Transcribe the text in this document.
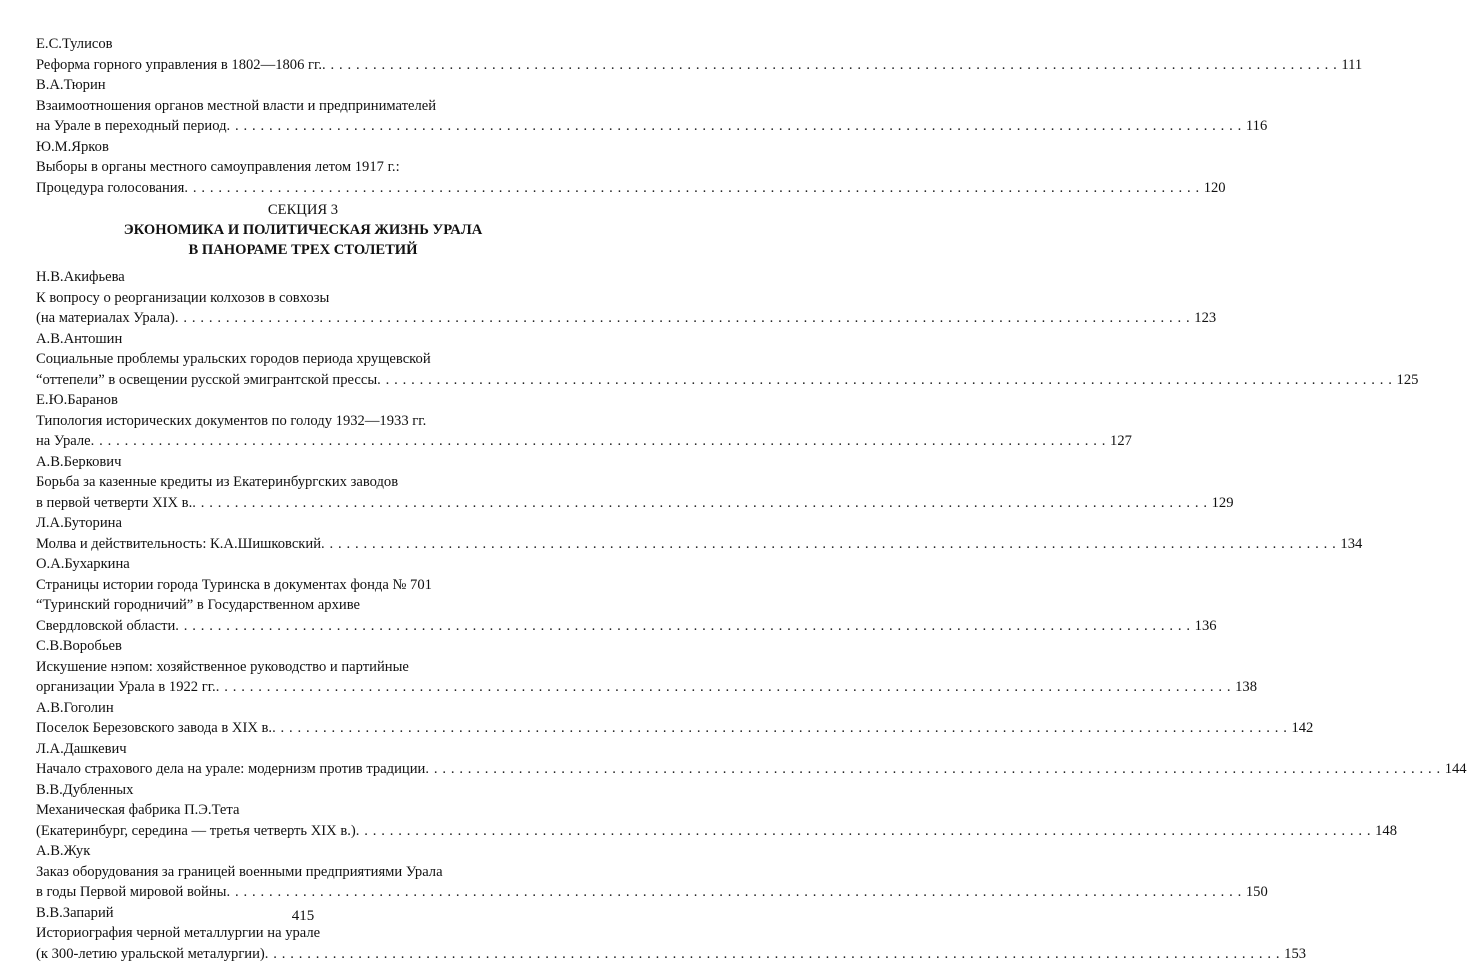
Е.С.Тулисов
Реформа горного управления в 1802—1806 гг. . . . . . . . . . . . . . . . . . . . . . . . . . . . . . . . . . . . . . . . . . . . . . . . . . . . . . . . . . . . . . . . . . . . . . . . . . . . . . . . . . . . . . . . . . . . . . . . . . . . . . . . . . . . . . . . . . . . . . . . . 111
В.А.Тюрин
Взаимоотношения органов местной власти и предпринимателей
на Урале в переходный период . . . . . . . . . . . . . . . . . . . . . . . . . . . . . . . . . . . . . . . . . . . . . . . . . . . . . . . . . . . . . . . . . . . . . . . . . . . . . . . . . . . . . . . . . . . . . . . . . . . . . . . . . . . . . . . . . . . . . . . . 116
Ю.М.Ярков
Выборы в органы местного самоуправления летом 1917 г.:
Процедура голосования . . . . . . . . . . . . . . . . . . . . . . . . . . . . . . . . . . . . . . . . . . . . . . . . . . . . . . . . . . . . . . . . . . . . . . . . . . . . . . . . . . . . . . . . . . . . . . . . . . . . . . . . . . . . . . . . . . . . . . . . 120
СЕКЦИЯ 3
ЭКОНОМИКА И ПОЛИТИЧЕСКАЯ ЖИЗНЬ УРАЛА
В ПАНОРАМЕ ТРЕХ СТОЛЕТИЙ
Н.В.Акифьева
К вопросу о реорганизации колхозов в совхозы
(на материалах Урала) . . . . . . . . . . . . . . . . . . . . . . . . . . . . . . . . . . . . . . . . . . . . . . . . . . . . . . . . . . . . . . . . . . . . . . . . . . . . . . . . . . . . . . . . . . . . . . . . . . . . . . . . . . . . . . . . . . . . . . . . 123
А.В.Антошин
Социальные проблемы уральских городов периода хрущевской
“оттепели” в освещении русской эмигрантской прессы . . . . . . . . . . . . . . . . . . . . . . . . . . . . . . . . . . . . . . . . . . . . . . . . . . . . . . . . . . . . . . . . . . . . . . . . . . . . . . . . . . . . . . . . . . . . . . . . . . . . . . . . . . . . . . . . . . . . . . . . 125
Е.Ю.Баранов
Типология исторических документов по голоду 1932—1933 гг.
на Урале . . . . . . . . . . . . . . . . . . . . . . . . . . . . . . . . . . . . . . . . . . . . . . . . . . . . . . . . . . . . . . . . . . . . . . . . . . . . . . . . . . . . . . . . . . . . . . . . . . . . . . . . . . . . . . . . . . . . . . . . 127
А.В.Беркович
Борьба за казенные кредиты из Екатеринбургских заводов
в первой четверти XIX в. . . . . . . . . . . . . . . . . . . . . . . . . . . . . . . . . . . . . . . . . . . . . . . . . . . . . . . . . . . . . . . . . . . . . . . . . . . . . . . . . . . . . . . . . . . . . . . . . . . . . . . . . . . . . . . . . . . . . . . . . 129
Л.А.Буторина
Молва и действительность: К.А.Шишковский . . . . . . . . . . . . . . . . . . . . . . . . . . . . . . . . . . . . . . . . . . . . . . . . . . . . . . . . . . . . . . . . . . . . . . . . . . . . . . . . . . . . . . . . . . . . . . . . . . . . . . . . . . . . . . . . . . . . . . . . 134
О.А.Бухаркина
Страницы истории города Туринска в документах фонда № 701
“Туринский городничий” в Государственном архиве
Свердловской области . . . . . . . . . . . . . . . . . . . . . . . . . . . . . . . . . . . . . . . . . . . . . . . . . . . . . . . . . . . . . . . . . . . . . . . . . . . . . . . . . . . . . . . . . . . . . . . . . . . . . . . . . . . . . . . . . . . . . . . . 136
С.В.Воробьев
Искушение нэпом: хозяйственное руководство и партийные
организации Урала в 1922 гг. . . . . . . . . . . . . . . . . . . . . . . . . . . . . . . . . . . . . . . . . . . . . . . . . . . . . . . . . . . . . . . . . . . . . . . . . . . . . . . . . . . . . . . . . . . . . . . . . . . . . . . . . . . . . . . . . . . . . . . . . 138
А.В.Гоголин
Поселок Березовского завода в XIX в. . . . . . . . . . . . . . . . . . . . . . . . . . . . . . . . . . . . . . . . . . . . . . . . . . . . . . . . . . . . . . . . . . . . . . . . . . . . . . . . . . . . . . . . . . . . . . . . . . . . . . . . . . . . . . . . . . . . . . . . . 142
Л.А.Дашкевич
Начало страхового дела на урале: модернизм против традиции . . . . . . . . . . . . . . . . . . . . . . . . . . . . . . . . . . . . . . . . . . . . . . . . . . . . . . . . . . . . . . . . . . . . . . . . . . . . . . . . . . . . . . . . . . . . . . . . . . . . . . . . . . . . . . . . . . . . . . . . 144
В.В.Дубленных
Механическая фабрика П.Э.Тета
(Екатеринбург, середина — третья четверть XIX в.) . . . . . . . . . . . . . . . . . . . . . . . . . . . . . . . . . . . . . . . . . . . . . . . . . . . . . . . . . . . . . . . . . . . . . . . . . . . . . . . . . . . . . . . . . . . . . . . . . . . . . . . . . . . . . . . . . . . . . . . . 148
А.В.Жук
Заказ оборудования за границей военными предприятиями Урала
в годы Первой мировой войны . . . . . . . . . . . . . . . . . . . . . . . . . . . . . . . . . . . . . . . . . . . . . . . . . . . . . . . . . . . . . . . . . . . . . . . . . . . . . . . . . . . . . . . . . . . . . . . . . . . . . . . . . . . . . . . . . . . . . . . . 150
В.В.Запарий
Историография черной металлургии на урале
(к 300-летию уральской металургии) . . . . . . . . . . . . . . . . . . . . . . . . . . . . . . . . . . . . . . . . . . . . . . . . . . . . . . . . . . . . . . . . . . . . . . . . . . . . . . . . . . . . . . . . . . . . . . . . . . . . . . . . . . . . . . . . . . . . . . . . 153
415
